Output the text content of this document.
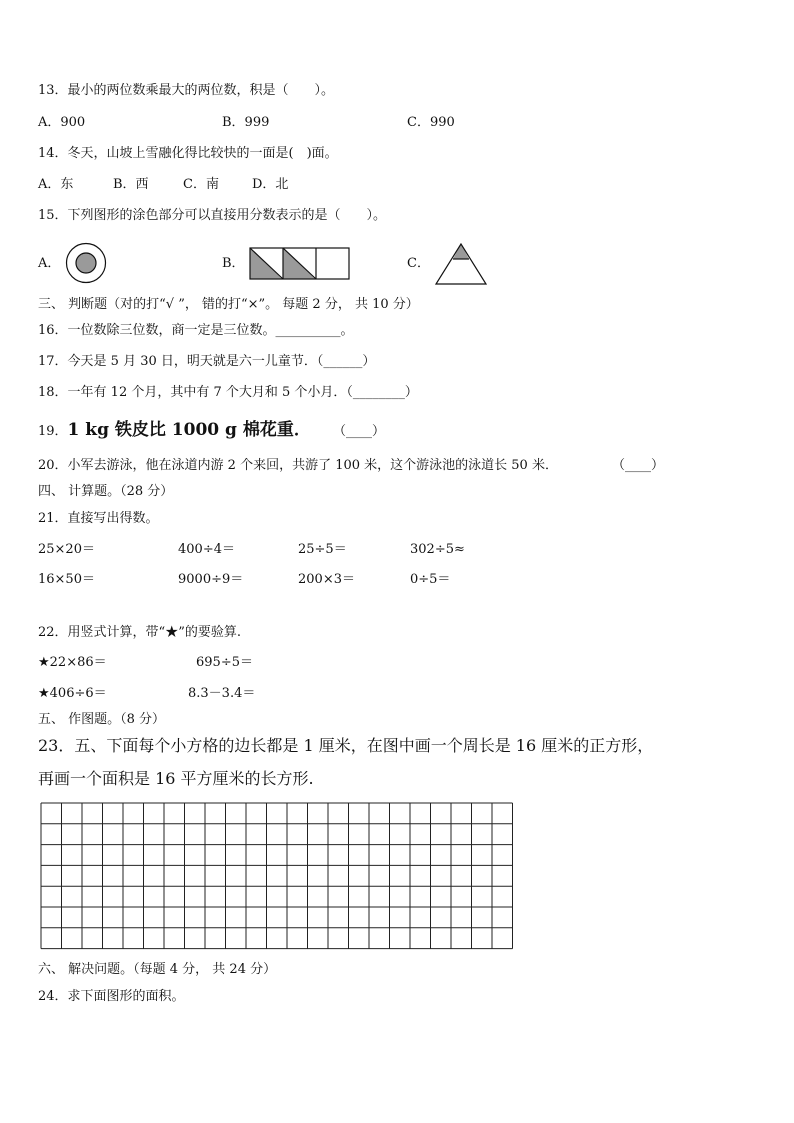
13．最小的两位数乘最大的两位数，积是（　　）。
A．900	B．999	C．990
14．冬天，山坡上雪融化得比较快的一面是(　)面。
A．东	B．西	C．南	D．北
15．下列图形的涂色部分可以直接用分数表示的是（　　）。
A．	B．	C．
三、 判断题（对的打“√ ”， 错的打“×”。 每题 2 分， 共 10 分）
16．一位数除三位数，商一定是三位数。__________。
17．今天是 5 月 30 日，明天就是六一儿童节．（______）
18．一年有 12 个月，其中有 7 个大月和 5 个小月．（________）
19．1 kg 铁皮比 1000 g 棉花重． （____）
20．小军去游泳，他在泳道内游 2 个来回，共游了 100 米，这个游泳池的泳道长 50 米．	（____）
四、 计算题。（28 分）
21．直接写出得数。
25×20＝	400÷4＝	25÷5＝	302÷5≈
16×50＝	9000÷9＝	200×3＝	0÷5＝
22．用竖式计算，带“★”的要验算.
★22×86＝	695÷5＝
★406÷6＝	8.3－3.4＝
五、 作图题。（8 分）
23．五、下面每个小方格的边长都是 1 厘米，在图中画一个周长是 16 厘米的正方形，
再画一个面积是 16 平方厘米的长方形.
六、 解决问题。（每题 4 分， 共 24 分）
24．求下面图形的面积。
